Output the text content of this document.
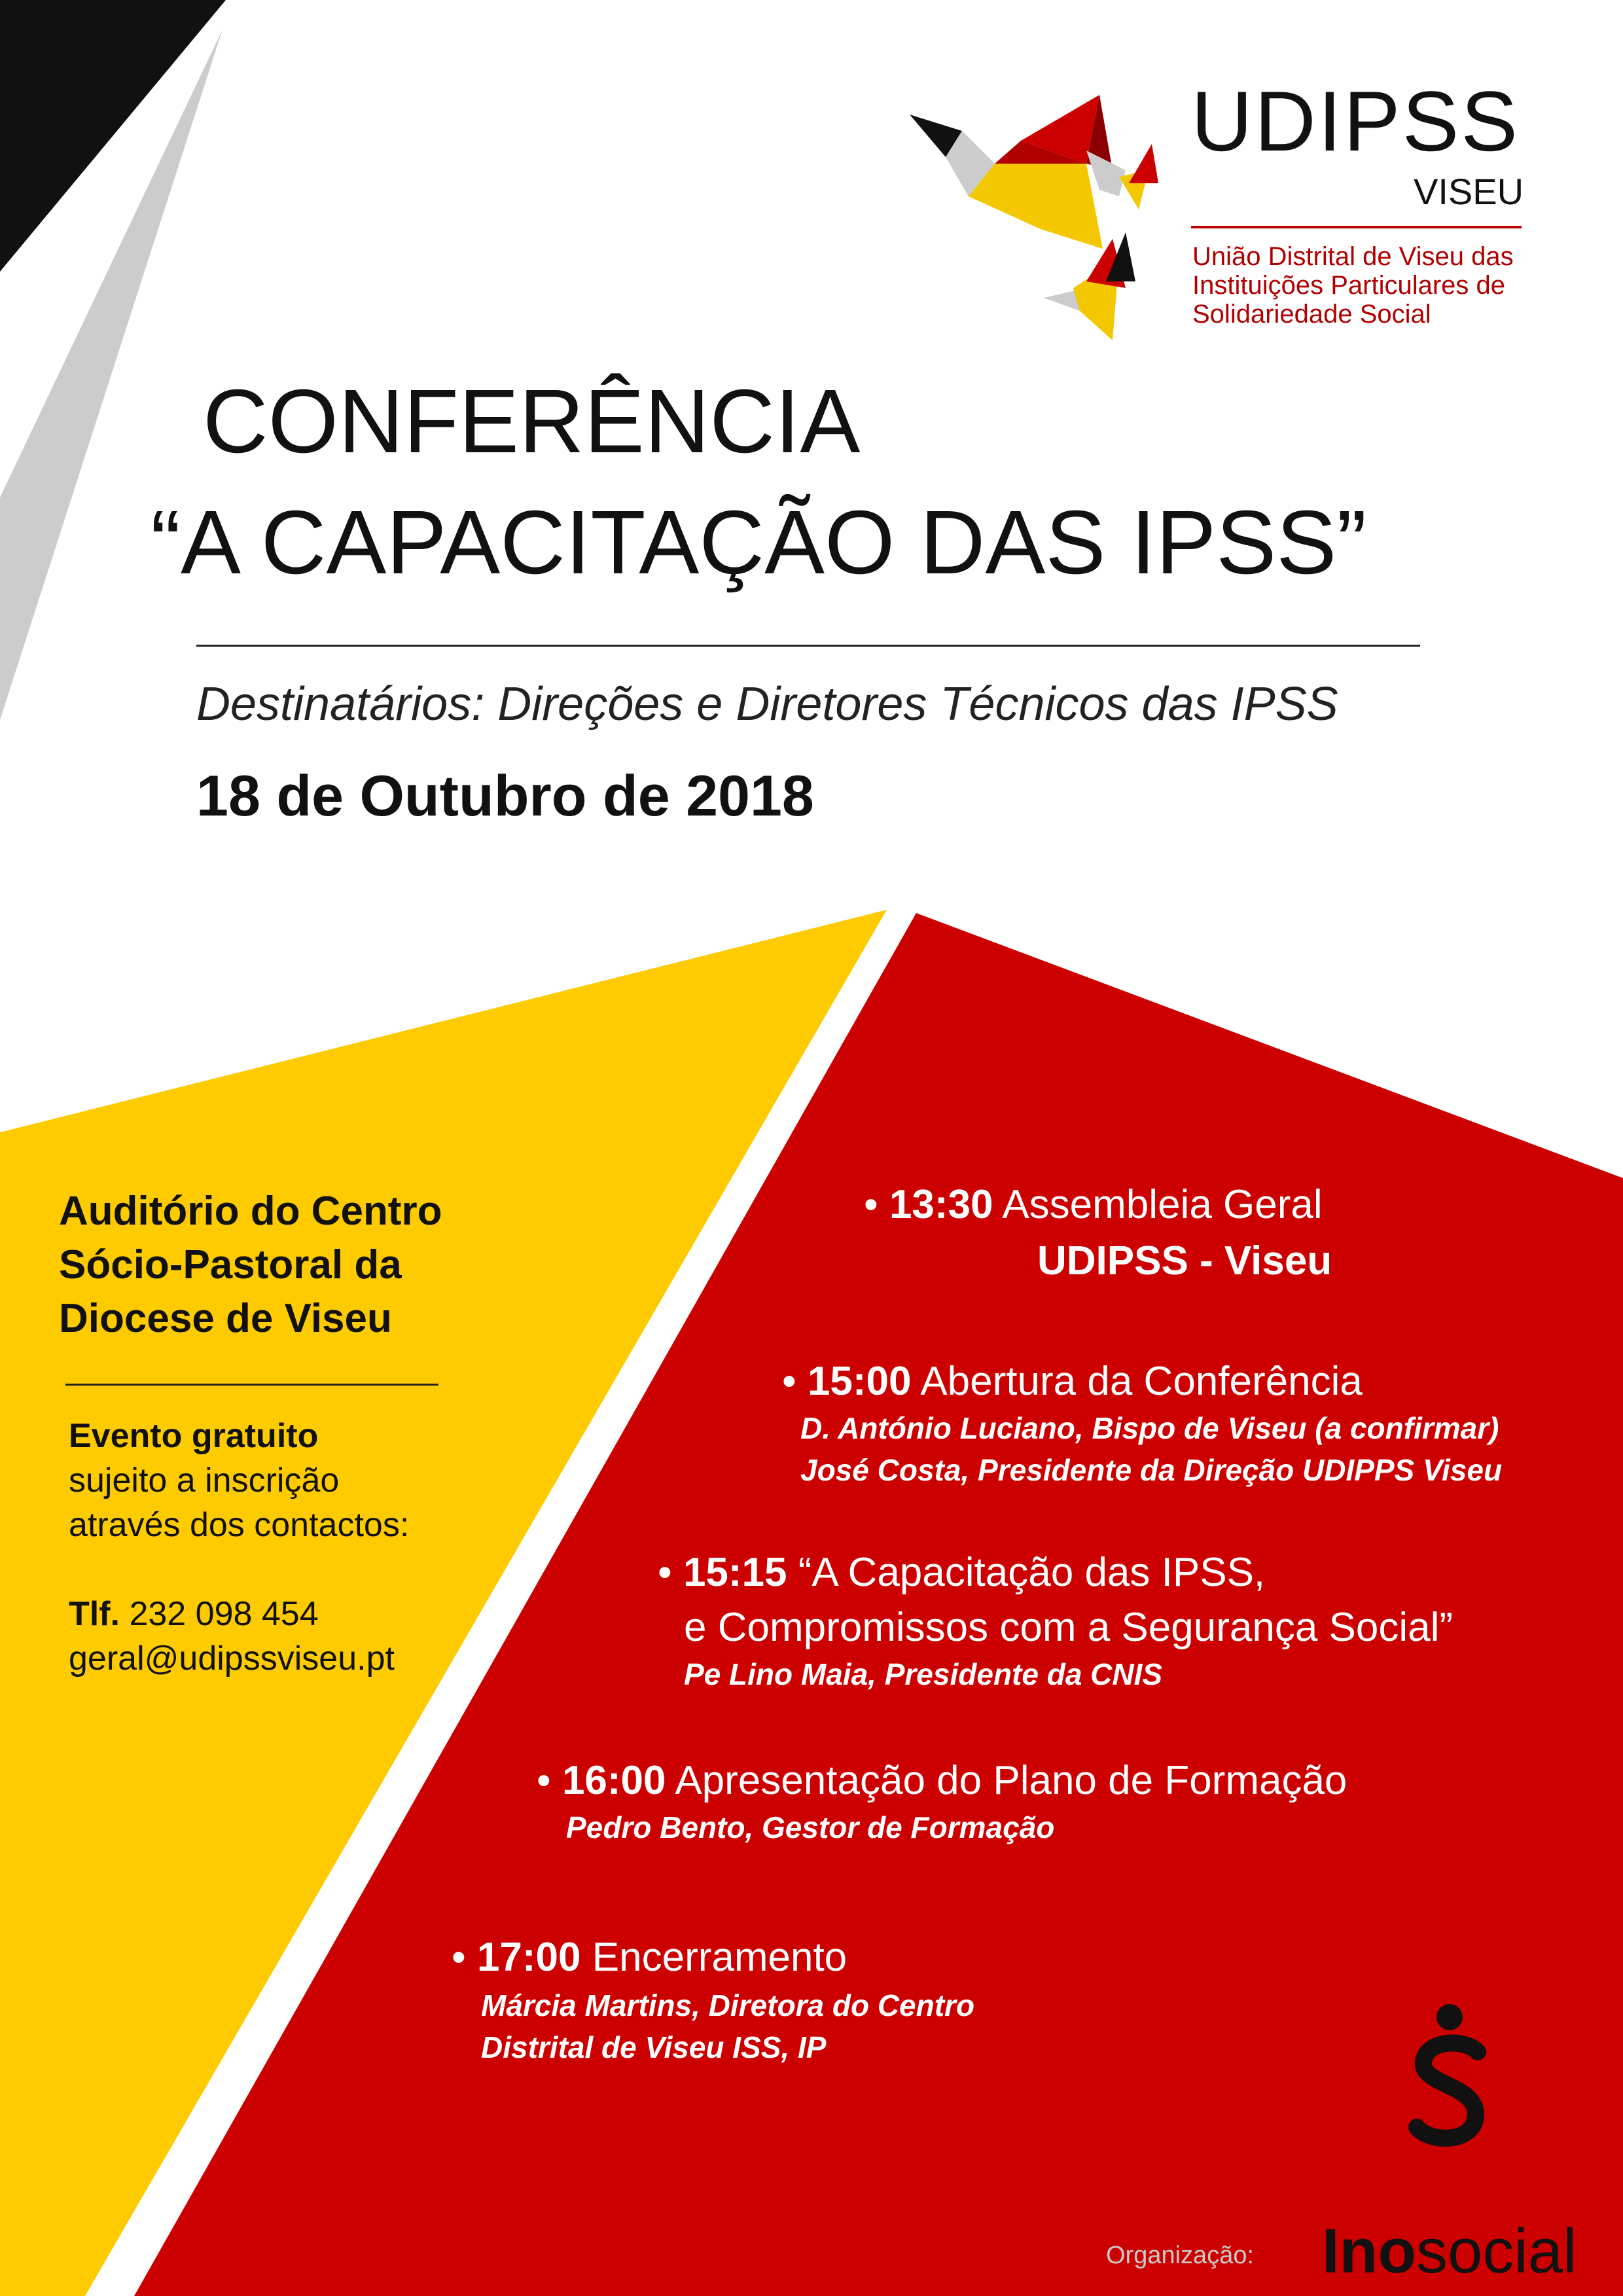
UDIPSS
VISEU
União Distrital de Viseu das
Instituições Particulares de
Solidariedade Social
CONFERÊNCIA
“A CAPACITAÇÃO DAS IPSS”
Destinatários: Direções e Diretores Técnicos das IPSS
18 de Outubro de 2018
Auditório do Centro
Sócio-Pastoral da
Diocese de Viseu
Evento gratuito
sujeito a inscrição
através dos contactos:
Tlf. 232 098 454
geral@udipssviseu.pt
• 13:30 Assembleia Geral
UDIPSS - Viseu
• 15:00 Abertura da Conferência
D. António Luciano, Bispo de Viseu (a confirmar)
José Costa, Presidente da Direção UDIPPS Viseu
• 15:15 “A Capacitação das IPSS,
e Compromissos com a Segurança Social”
Pe Lino Maia, Presidente da CNIS
• 16:00 Apresentação do Plano de Formação
Pedro Bento, Gestor de Formação
• 17:00 Encerramento
Márcia Martins, Diretora do Centro
Distrital de Viseu ISS, IP
Organização: Inosocial
